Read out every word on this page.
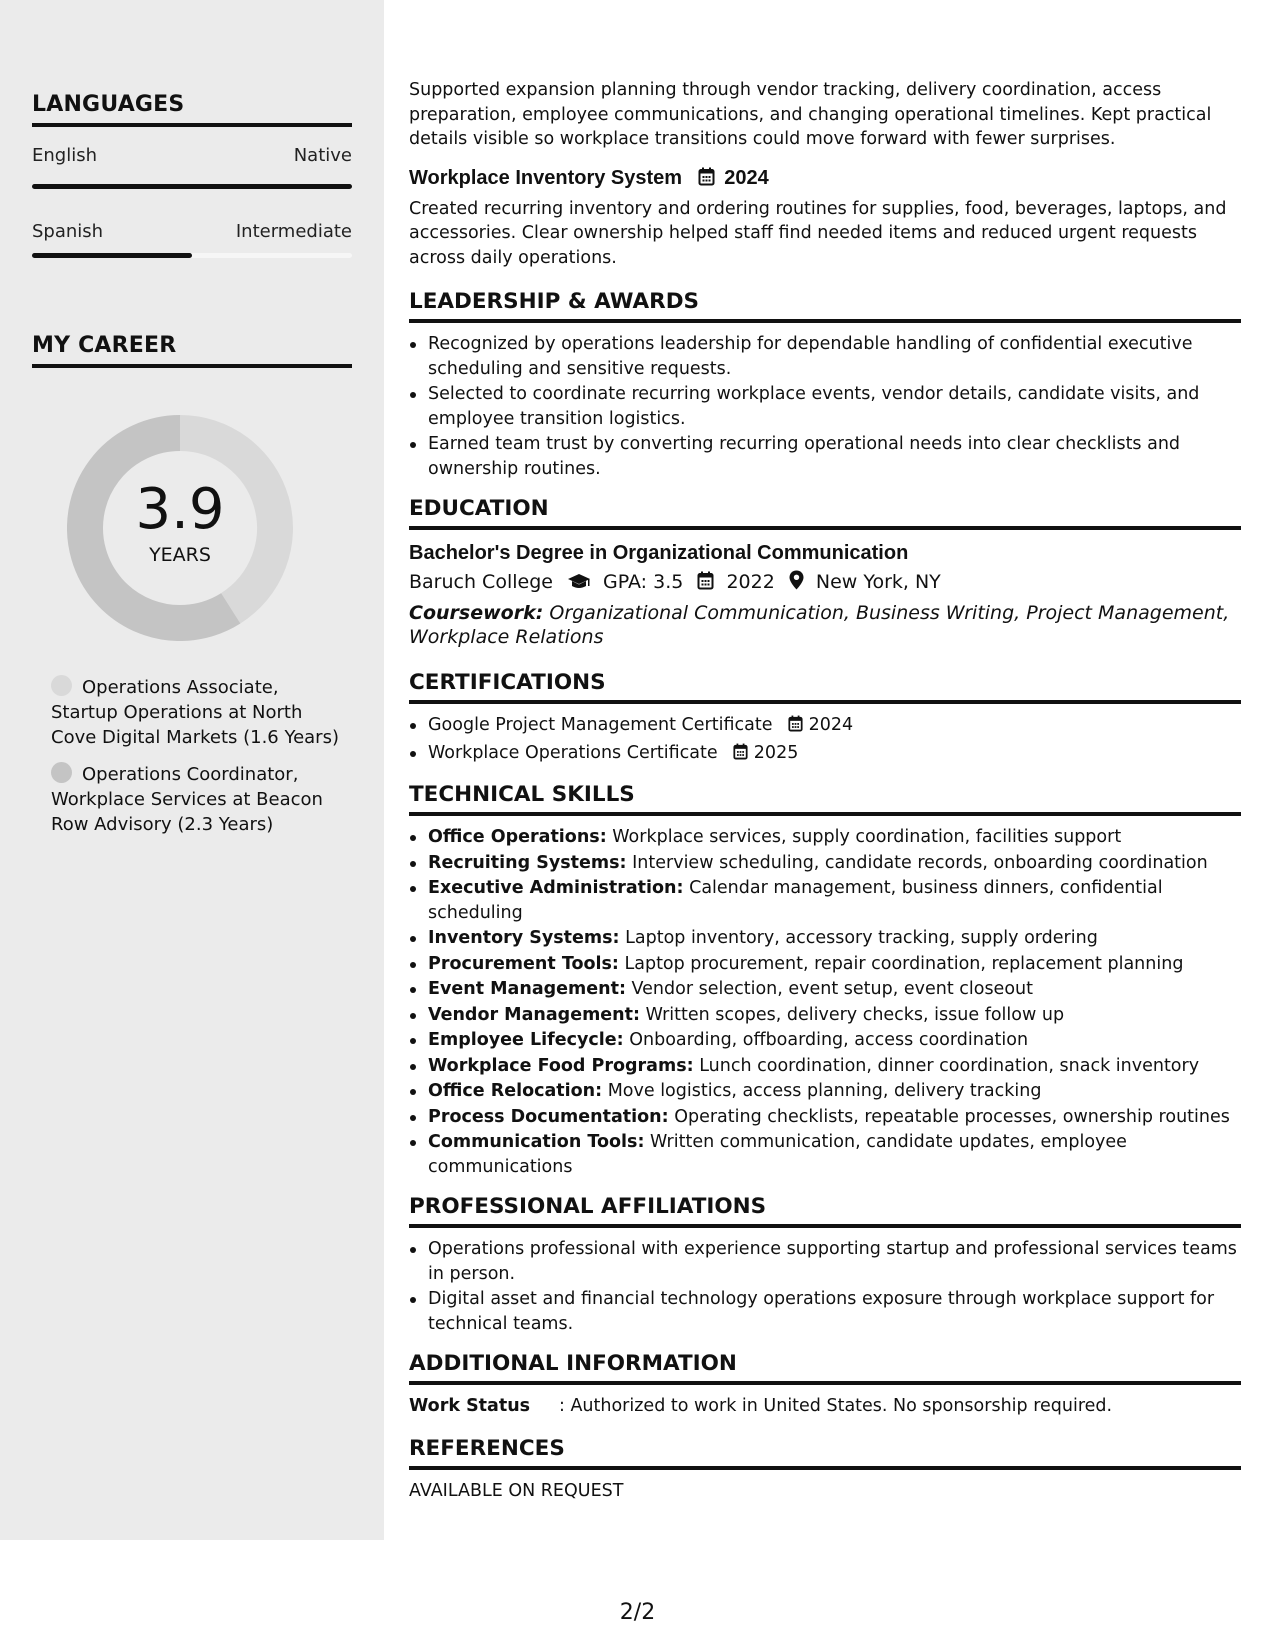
LANGUAGES
English	Native
Spanish	Intermediate
MY CAREER
3.9
YEARS
Operations Associate, Startup Operations at North Cove Digital Markets (1.6 Years)
Operations Coordinator, Workplace Services at Beacon Row Advisory (2.3 Years)

Supported expansion planning through vendor tracking, delivery coordination, access preparation, employee communications, and changing operational timelines. Kept practical details visible so workplace transitions could move forward with fewer surprises.

Workplace Inventory System 2024

Created recurring inventory and ordering routines for supplies, food, beverages, laptops, and accessories. Clear ownership helped staff find needed items and reduced urgent requests across daily operations.

LEADERSHIP & AWARDS
Recognized by operations leadership for dependable handling of confidential executive scheduling and sensitive requests.
Selected to coordinate recurring workplace events, vendor details, candidate visits, and employee transition logistics.
Earned team trust by converting recurring operational needs into clear checklists and ownership routines.
EDUCATION
Bachelor's Degree in Organizational Communication
Baruch College	GPA: 3.5 2022 New York, NY
Coursework: Organizational Communication, Business Writing, Project Management, Workplace Relations
CERTIFICATIONS
Google Project Management Certificate 2024
Workplace Operations Certificate 2025
TECHNICAL SKILLS
Office Operations: Workplace services, supply coordination, facilities support
Recruiting Systems: Interview scheduling, candidate records, onboarding coordination
Executive Administration: Calendar management, business dinners, confidential scheduling
Inventory Systems: Laptop inventory, accessory tracking, supply ordering
Procurement Tools: Laptop procurement, repair coordination, replacement planning
Event Management: Vendor selection, event setup, event closeout
Vendor Management: Written scopes, delivery checks, issue follow up
Employee Lifecycle: Onboarding, offboarding, access coordination
Workplace Food Programs: Lunch coordination, dinner coordination, snack inventory
Office Relocation: Move logistics, access planning, delivery tracking
Process Documentation: Operating checklists, repeatable processes, ownership routines
Communication Tools: Written communication, candidate updates, employee communications
PROFESSIONAL AFFILIATIONS
Operations professional with experience supporting startup and professional services teams in person.
Digital asset and financial technology operations exposure through workplace support for technical teams.
ADDITIONAL INFORMATION
Work Status	: Authorized to work in United States. No sponsorship required.
REFERENCES

AVAILABLE ON REQUEST

2/2
